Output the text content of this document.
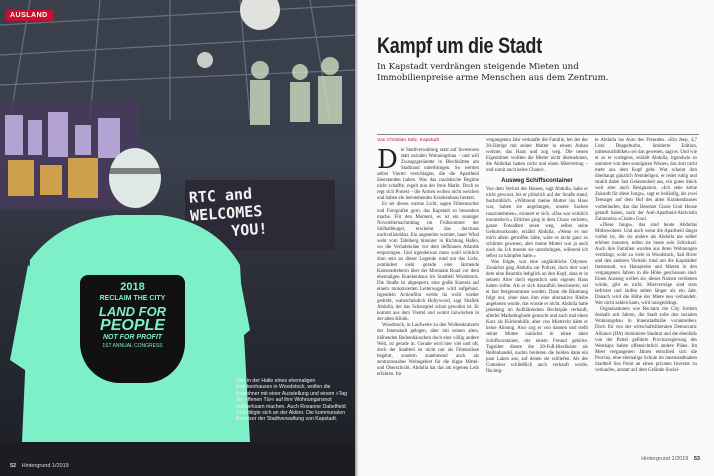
RTC and
WELCOMES
YOU!
2018
RECLAIM THE CITY
LAND FOR
PEOPLE
NOT FOR PROFIT
1ST ANNUAL CONGRESS
AUSLAND
Hier in der Halle eines ehemaligen Krankenhauses in Woodstock, wollen die Bewohner mit einer Ausstellung und einem »Tag der offenen Tür« auf ihre Wohnungsnsnot aufmerksam machen. Auch Roxanne Dabelfield ist betitigte sich an der Aktion. Die kommunalen Besetzer der Stadtverwaltung von Kapstadt.
52 Hintergrund 1/2019
Kampf um die Stadt

In Kapstadt verdrängen steigende Mieten und Immobilienpreise arme Menschen aus dem Zentrum.

Von Christian Selz, Kapstadt

Die Stadtverwaltung setzt auf Investoren statt sozialen Wohnungsbau – und will Zwangsgeräumte in Blechhütten am Stadtrand unterbringen. So werden selbst Viertel verschlagen, die die Apartheid überstanden haben. Was das rassistische Regime nicht schaffte, regelt nun der freie Markt. Doch es regt sich Protest – die Armen wollen nicht weichen und haben ein leerstehendes Krankenhaus besetzt.

Es sei dieses warme Licht, sagen Filmemacher und Fotografen gern, das Kapstadt so besonders mache. Für den Moment, es ist ein sonniger Novembernachmittag im Frühsommer der Südhalbkugel, erscheint das durchaus nachvollziehbar. Ein angenehm warmer, lauer Wind weht vom Tafelberg hinunter in Richtung Hafen, wo die Verladekräne vor dem tiefblauen Atlantik emporragen. Und irgendetwas muss wohl wirklich dran sein an dieser Legende rund um das Licht, zumindest sieht gerade eine lärmende Kameradreherin über der Mountain Road vor dem ehemaligen Krankenhaus im Stadtteil Woodstock. Die Straße ist abgesperrt, eine große Kamera auf einem motorisierten Leiterwagen wird aufgebaut. Irgendein Actionfilm werde da wohl wieder gedreht, wahrscheinlich Hollywood, sagt Shafiek Abdulla, der das Schauspiel schon gewohnt ist. Er kommt aus dem Viertel und wohnt inzwischen in der alten Klinik.

Woodstock, in Laufweite zu den Wolkenkratzern der Innenstadt gelegen, aber mit seinen alten, blühenden Reihenhäuschen doch eine völlig andere Welt, ist gerade in. Gerade wird hier viel und oft, doch der Stadtteil ist nicht nur als Filmkulisse begehrt, sondern zunehmend auch als zentrumsnahes Wohngebiet für die hippe Mittel- und Oberschicht. Abdulla hat das am eigenen Leib erfahren. Im

vergangenen Jahr verkaufte die Familie, bei der der 30-Jährige mit seiner Mutter in einem Anbau wohnte, das Haus und zog weg. Die neuen Eigentümer wollten die Mieter nicht übernehmen, die Abdullas hatten nicht mal einen Mietvertrag – und somit auch keine Chance.

Ausweg Schiffscontainer

Von dem Verlust des Hauses, sagt Abdulla, habe er nicht gewusst, bis er plötzlich auf der Straße stand, buchstäblich. »Während meine Mutter ins Haus war, haben sie angefangen, unsere Sachen rauszunehmen«, erinnert er sich. »Das war wirklich traumatisch.« Etliches ging in dem Chaos verloren, ganze Fotoalben seien weg, selbst seine Geburtsurkunde, erzählt Abdulla. »Wenn es nur mich allein getroffen hätte, wäre es nicht ganz so schlimm gewesen, aber meine Mutter war ja auch noch da. Ich musste sie unterbringen, während ich selbst zu kämpfen hatte.«

Was folgte, war eine ungläubliche Odyssee. Zunächst ging Abdulla zur Polizei, doch dort warí dem eine Beamtin lediglich an den Kopf, dass er in seinem Alter doch eigentlich sein eigenes Haus haben sollte. Als er sich daraufhin beschwerte, sei er fast festgenommen worden. Dann die Räumung folgt nur, ohne dass ihm eine alternative Bleibe angeboten wurde, das wusste er nicht. Abdulla hatte jahrelang im Aufklärendem Rechtspäe verkauft, allerlei Marketingbude gemacht und auch mal einen Kurs als Küchenhilfe, aber von Mietrecht hätte er keine Ahnung. Also zog er von dannen und stellt seiner Mutter zunächst in einen alten Schiffscontainer, der einem Freund gehörte. Tagsüber diente die 20-Fuß-Blechkiste als Reifenhandel, nachts breiteten die beiden dann ein paar Laken aus, auf denen sie schliefen. Als der Container schließlich auch verkauft wurde, flüchtig-

te Abdulla ins Auto des Freundes. »Ein Jeep, 4,7 Liter Doppelturbo, limitierte Edition, mittensuchtbiket« sei das gewesen, sagt er. Und wie er so er vorlegens, erzählt Abdulla, irgendwie so ominiert von dem sonnigsten Wissen, das dort nicht mehr aus dem Kopf geht. Wut scheint ihm überhaupt gänzlich fremdeligen, er redet ruhig und strahlt dabei fast Gelassenheit aus, ein gutes Stück weit aber auch Resignation. »Ich sehe keine Zukunft für diese Jungs«, sagt er beiläufig, als zwei Teenager auf dem Hof des alten Krankenhauses vorbeilaufen, das das Besetzer Cissie Gool House getauft haben, nach der Anti-Apartheid-Aktivistin Zainunnisa »Cissie« Gool.

»Diese Jungs«, das sind heute Abdullas Mitbewohner. Und auch wenn die Apartheid längst vorbei ist, die sie andere als Abdulla nie selber erleben mussten, teilen sie heute sein Schicksal. Auch ihre Familien wurden aus ihren Wohnungen verdrängt, wohl zu viele in Woodstock, Salt River und den anderen Vierteln rund um die Kapstädter Innenstadt, wo Hauspreise und Mieten in den vergangenen Jahren in die Höhe geschossen sind. Einen Ausweg wollen sie, dieses Namen verdienen würde, gibt es nicht. Mietverträge sind stets befristet und laufen selten länger als ein Jahr. Danach wird die Höhe der Miete neu verhandelt. Wer nicht zahlen kann, wird rausgedrängt.

Organisationen wie Reclaim the City fordern deshalb seit Jahren, die Stadt solle den sozialen Wohnungsbau in Innenstadtnähe vorantreiben. Doch für von der wirtschaftsliberalen Democratic Alliance (DA) dominierte Stadtrat und die ebenfalls von der Partei geführte Provinzregierung des Westkaps haben offensichtlich andere Pläne. Im Meer vergangenen Jahres entschied sich die Provinz, eine ehemalige Schule im innenstadtnahen Stadtteil Sea Point an einen privaten Investor zu verkaufen, anstatt auf dem Gelände Sozial-

Hintergrund 1/2019 53
